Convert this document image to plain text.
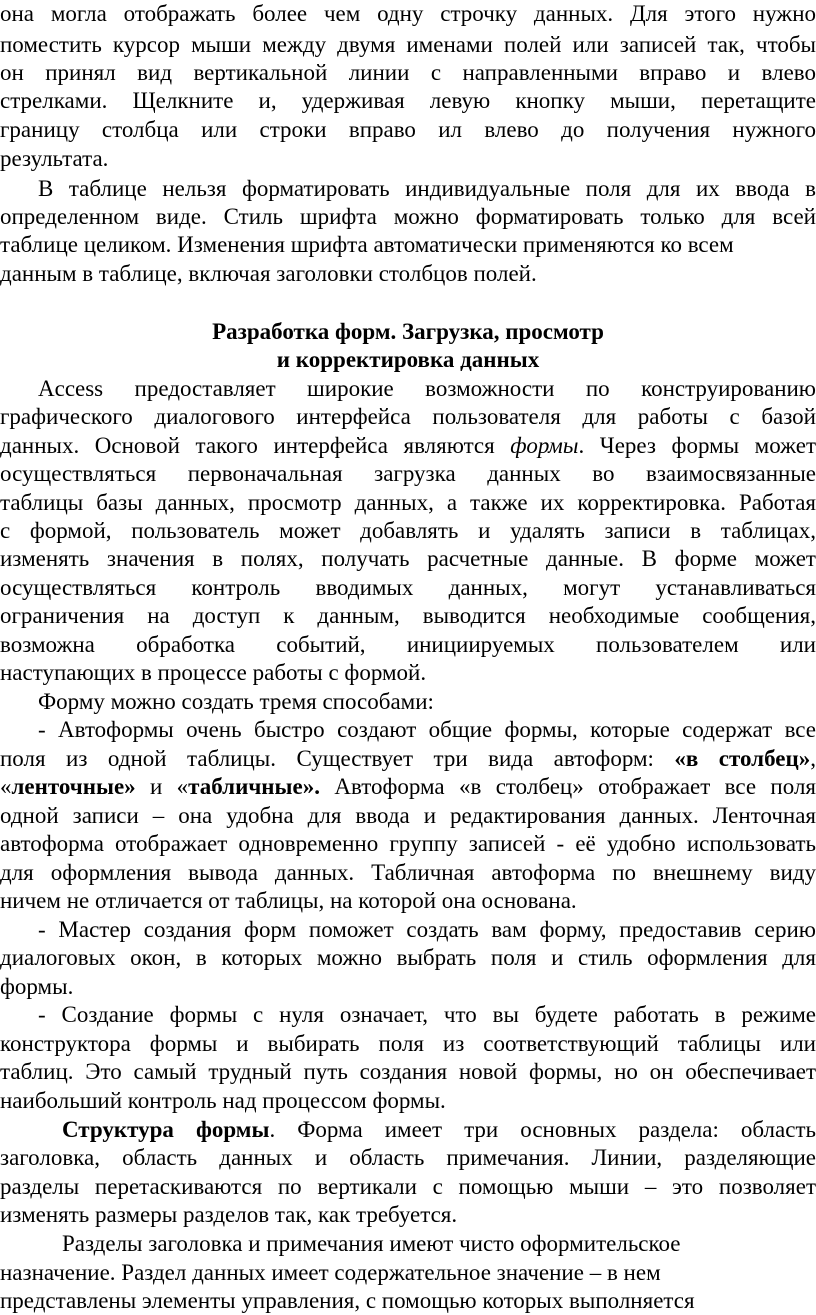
она могла отображать более чем одну строчку данных. Для этого нужно
поместить курсор мыши между двумя именами полей или записей так, чтобы
он принял вид вертикальной линии с направленными вправо и влево
стрелками. Щелкните и, удерживая левую кнопку мыши, перетащите
границу столбца или строки вправо ил влево до получения нужного
результата.
В таблице нельзя форматировать индивидуальные поля для их ввода в
определенном виде. Стиль шрифта можно форматировать только для всей
таблице целиком. Изменения шрифта автоматически применяются ко всем
данным в таблице, включая заголовки столбцов полей.
Разработка форм. Загрузка, просмотр
и корректировка данных
Access предоставляет широкие возможности по конструированию
графического диалогового интерфейса пользователя для работы с базой
данных. Основой такого интерфейса являются формы. Через формы может
осуществляться первоначальная загрузка данных во взаимосвязанные
таблицы базы данных, просмотр данных, а также их корректировка. Работая
с формой, пользователь может добавлять и удалять записи в таблицах,
изменять значения в полях, получать расчетные данные. В форме может
осуществляться контроль вводимых данных, могут устанавливаться
ограничения на доступ к данным, выводится необходимые сообщения,
возможна обработка событий, инициируемых пользователем или
наступающих в процессе работы с формой.
Форму можно создать тремя способами:
- Автоформы очень быстро создают общие формы, которые содержат все
поля из одной таблицы. Существует три вида автоформ: «в столбец»,
«ленточные» и «табличные». Автоформа «в столбец» отображает все поля
одной записи – она удобна для ввода и редактирования данных. Ленточная
автоформа отображает одновременно группу записей - её удобно использовать
для оформления вывода данных. Табличная автоформа по внешнему виду
ничем не отличается от таблицы, на которой она основана.
- Мастер создания форм поможет создать вам форму, предоставив серию
диалоговых окон, в которых можно выбрать поля и стиль оформления для
формы.
- Создание формы с нуля означает, что вы будете работать в режиме
конструктора формы и выбирать поля из соответствующий таблицы или
таблиц. Это самый трудный путь создания новой формы, но он обеспечивает
наибольший контроль над процессом формы.
Структура формы. Форма имеет три основных раздела: область
заголовка, область данных и область примечания. Линии, разделяющие
разделы перетаскиваются по вертикали с помощью мыши – это позволяет
изменять размеры разделов так, как требуется.
Разделы заголовка и примечания имеют чисто оформительское
назначение. Раздел данных имеет содержательное значение – в нем
представлены элементы управления, с помощью которых выполняется
